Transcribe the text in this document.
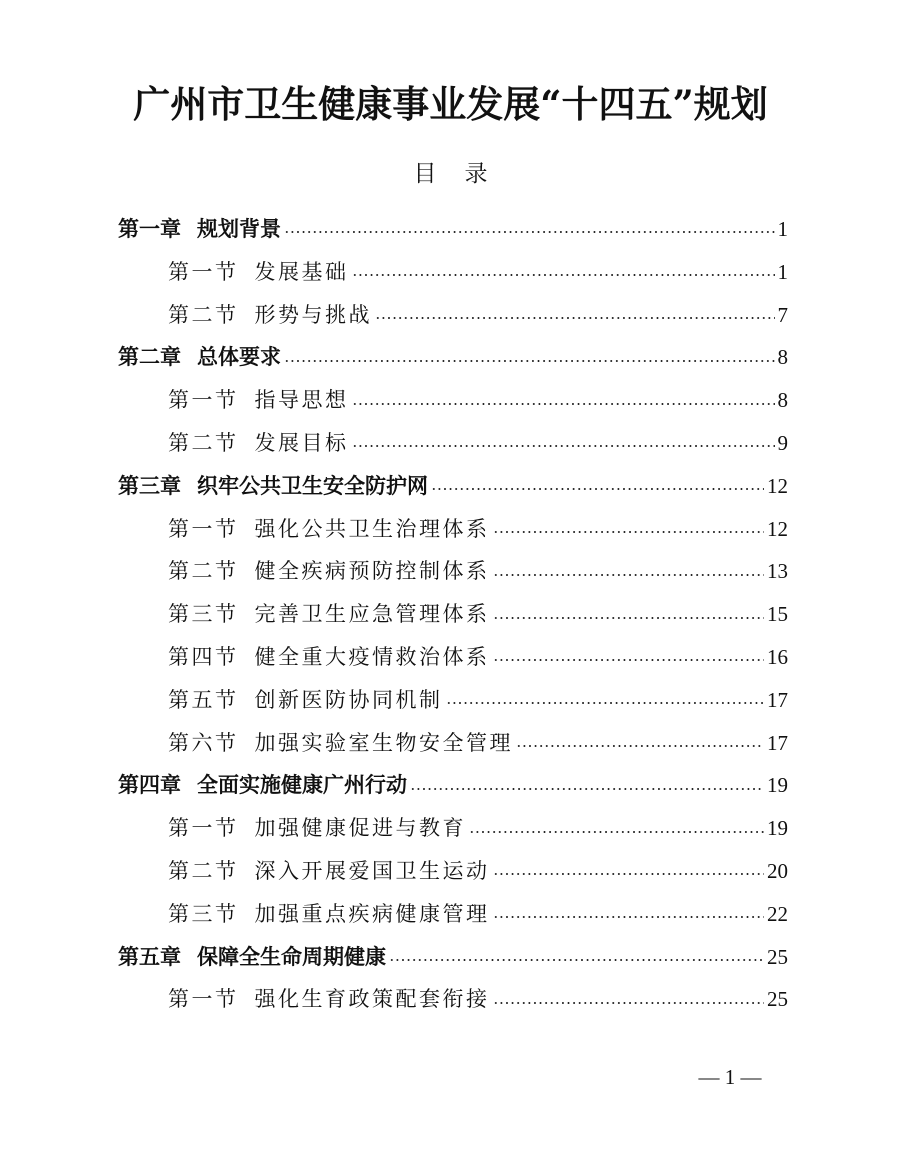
广州市卫生健康事业发展“十四五”规划
目录
第一章 规划背景	1
第一节 发展基础	1
第二节 形势与挑战	7
第二章 总体要求	8
第一节 指导思想	8
第二节 发展目标	9
第三章 织牢公共卫生安全防护网	12
第一节 强化公共卫生治理体系	12
第二节 健全疾病预防控制体系	13
第三节 完善卫生应急管理体系	15
第四节 健全重大疫情救治体系	16
第五节 创新医防协同机制	17
第六节 加强实验室生物安全管理	17
第四章 全面实施健康广州行动	19
第一节 加强健康促进与教育	19
第二节 深入开展爱国卫生运动	20
第三节 加强重点疾病健康管理	22
第五章 保障全生命周期健康	25
第一节 强化生育政策配套衔接	25
— 1 —
